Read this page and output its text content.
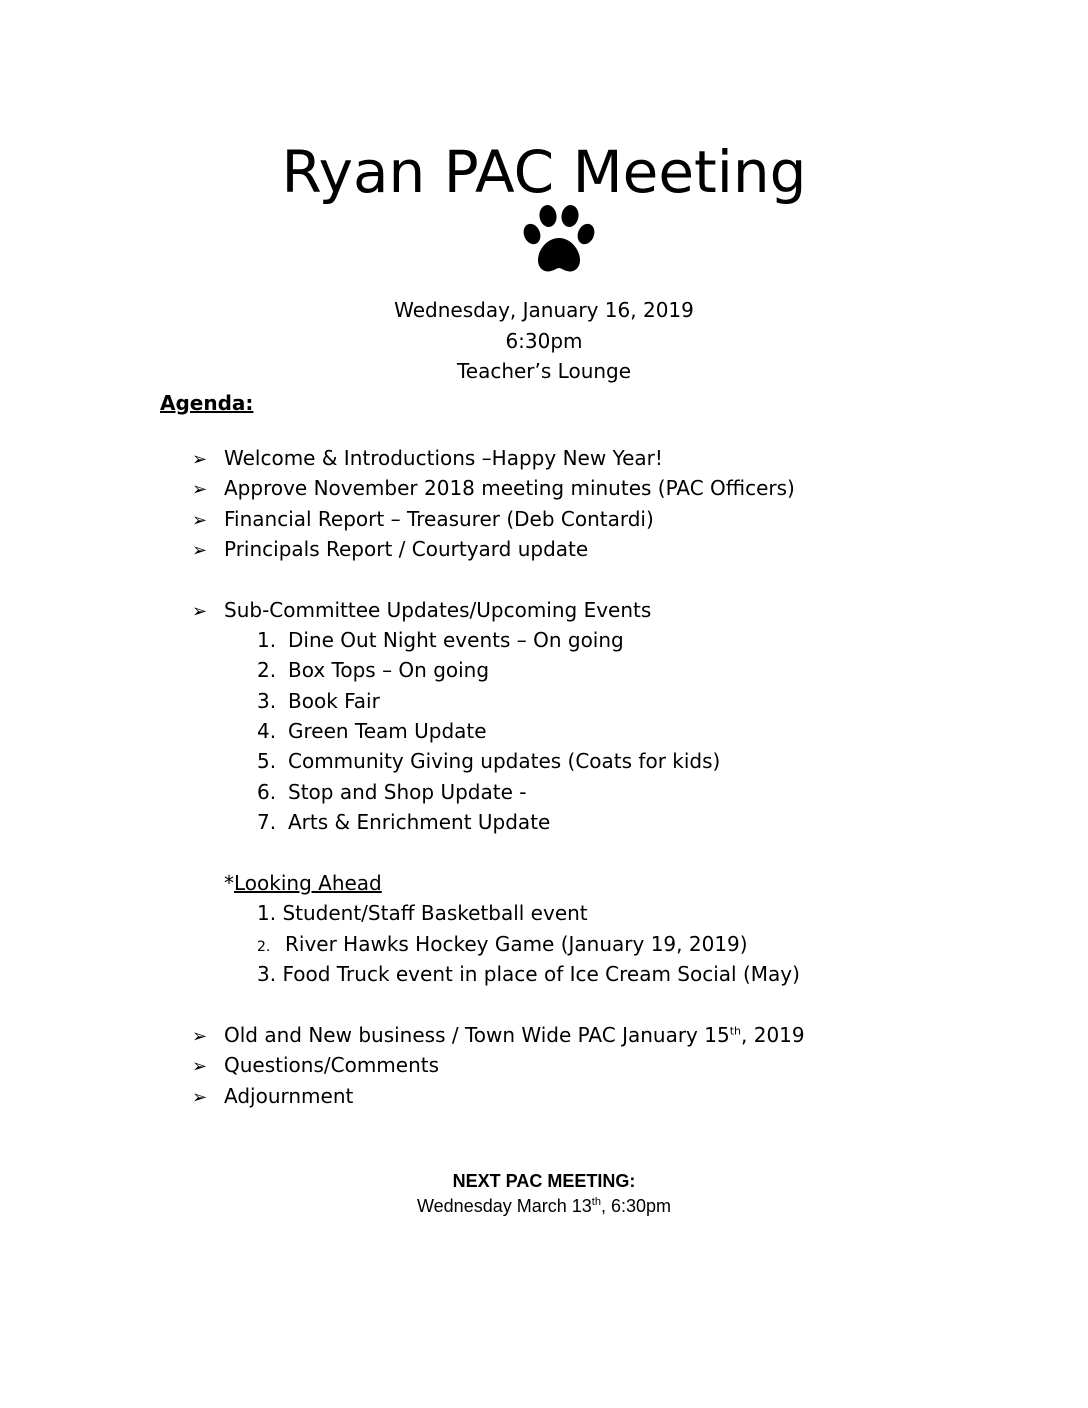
Ryan PAC Meeting
Wednesday, January 16, 2019
6:30pm
Teacher’s Lounge
Agenda:
➢ Welcome & Introductions –Happy New Year!
➢ Approve November 2018 meeting minutes (PAC Officers)
➢ Financial Report – Treasurer (Deb Contardi)
➢ Principals Report / Courtyard update
➢ Sub-Committee Updates/Upcoming Events
1. Dine Out Night events – On going
2. Box Tops – On going
3. Book Fair
4. Green Team Update
5. Community Giving updates (Coats for kids)
6. Stop and Shop Update -
7. Arts & Enrichment Update
*Looking Ahead
1. Student/Staff Basketball event
2. River Hawks Hockey Game (January 19, 2019)
3. Food Truck event in place of Ice Cream Social (May)
➢ Old and New business / Town Wide PAC January 15th, 2019
➢ Questions/Comments
➢ Adjournment
NEXT PAC MEETING:
Wednesday March 13th, 6:30pm
